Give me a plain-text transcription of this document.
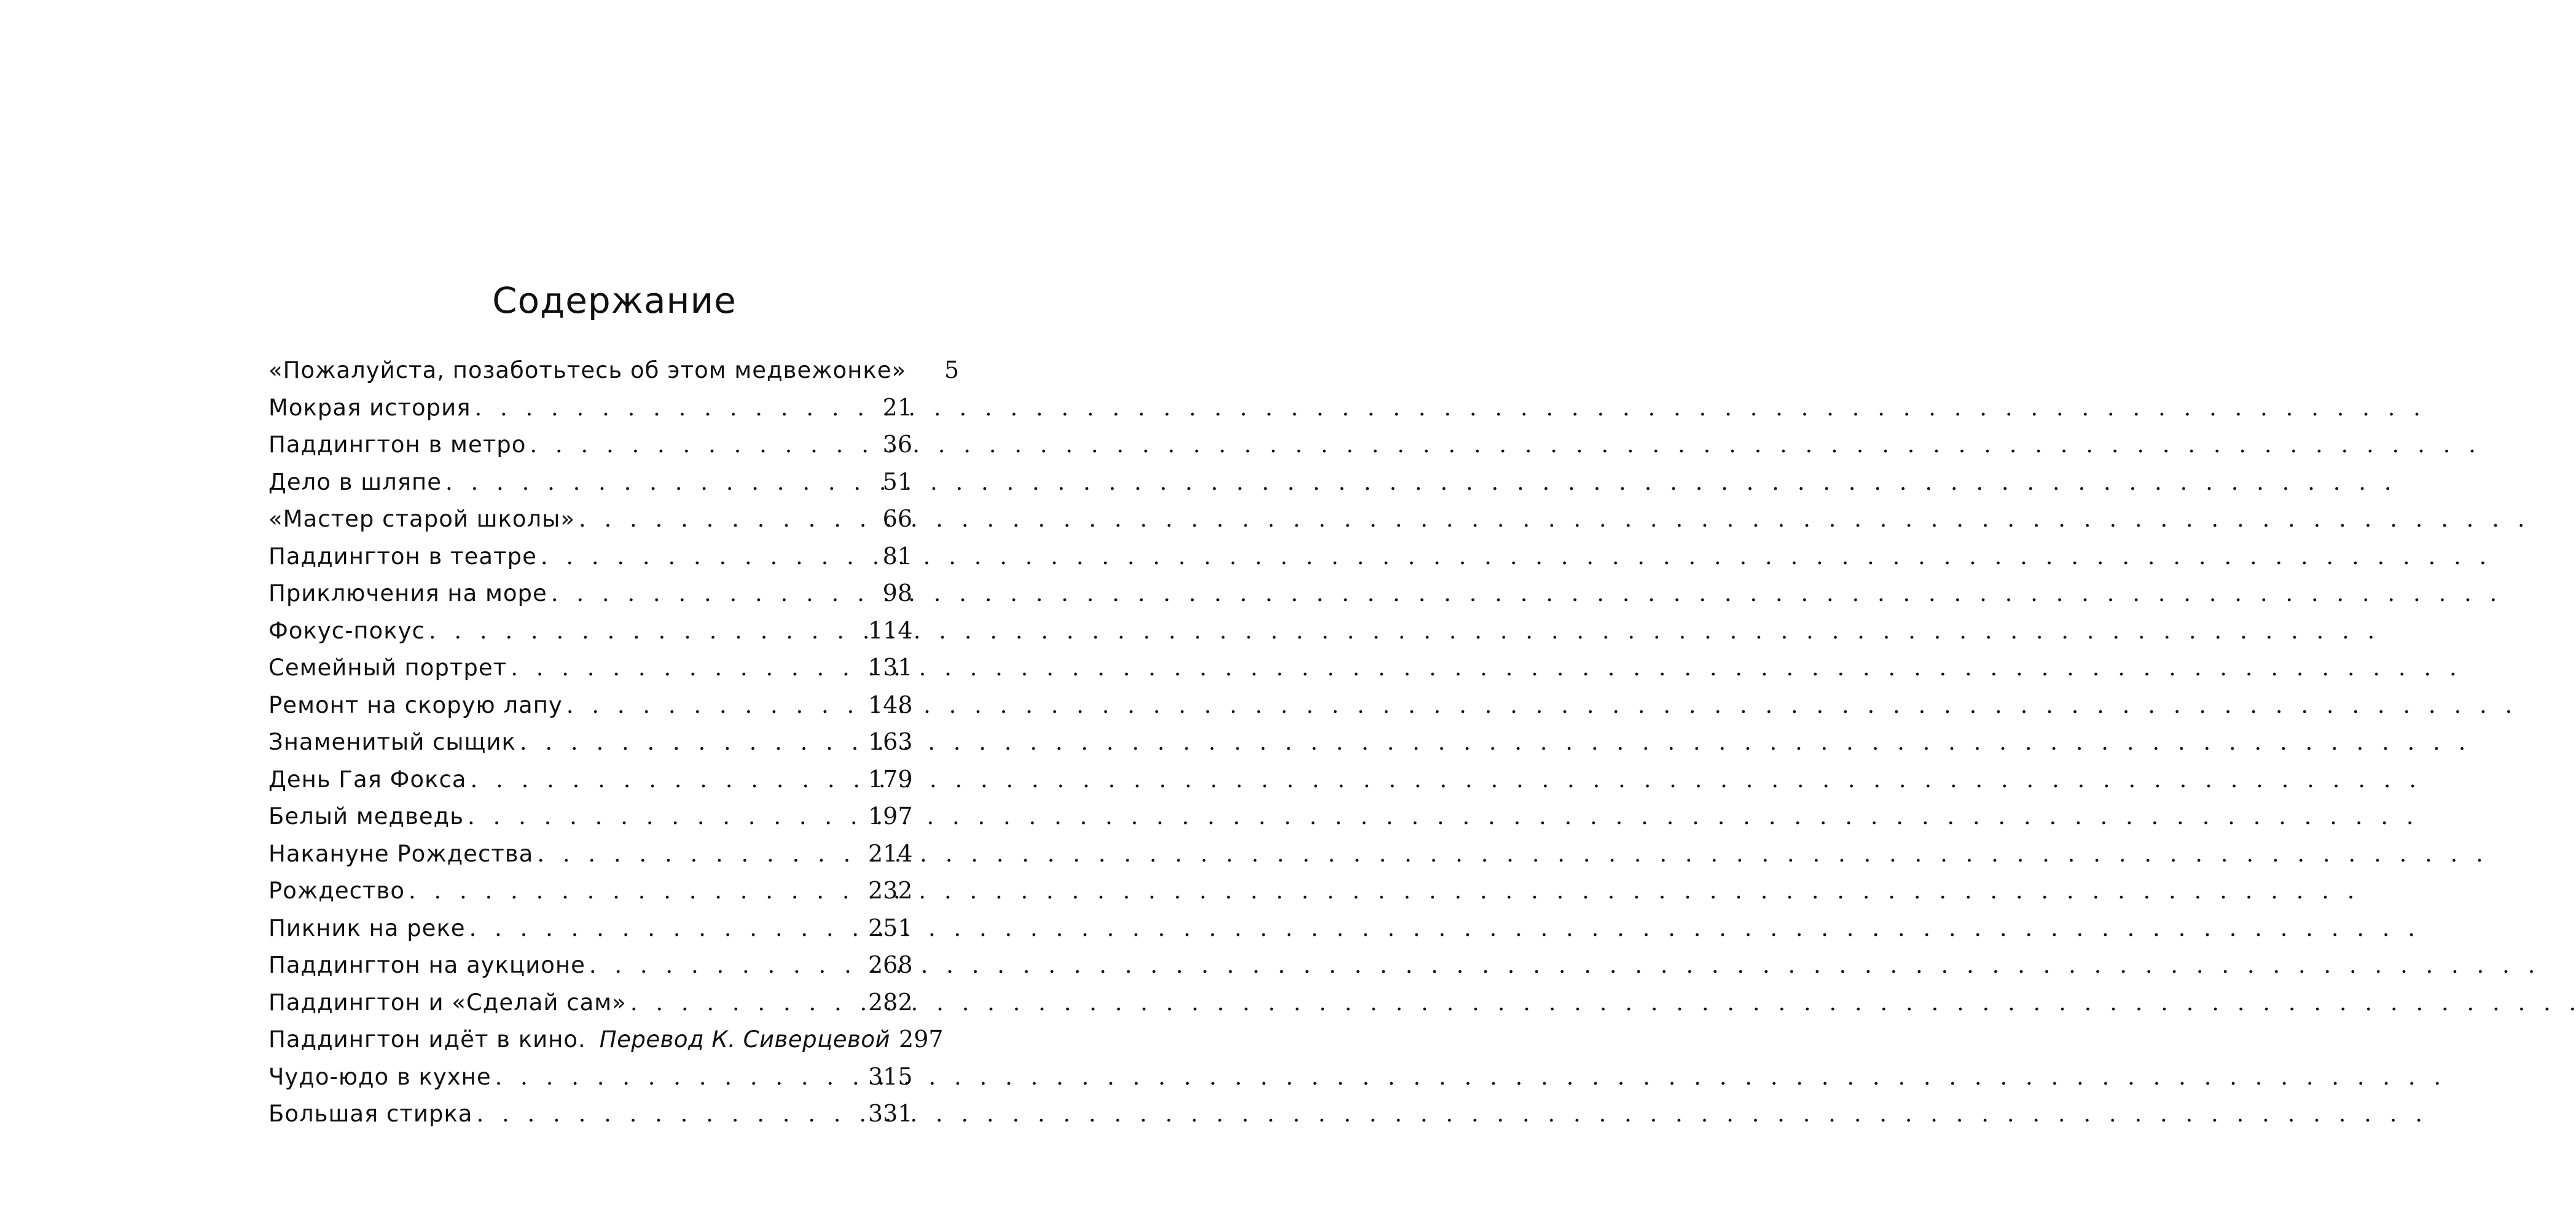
Содержание
«Пожалуйста, позаботьтесь об этом медвежонке»	5
Мокрая история . . .	21
Паддингтон в метро . . .	36
Дело в шляпе . . .	51
«Мастер старой школы» . . .	66
Паддингтон в театре . . .	81
Приключения на море . . .	98
Фокус-покус . . .	114
Семейный портрет . . .	131
Ремонт на скорую лапу . . .	148
Знаменитый сыщик . . .	163
День Гая Фокса . . .	179
Белый медведь . . .	197
Накануне Рождества . . .	214
Рождество . . .	232
Пикник на реке . . .	251
Паддингтон на аукционе . . .	268
Паддингтон и «Сделай сам» . . .	282
Паддингтон идёт в кино. Перевод К. Сиверцевой 297
Чудо-юдо в кухне . . .	315
Большая стирка . . .	331
